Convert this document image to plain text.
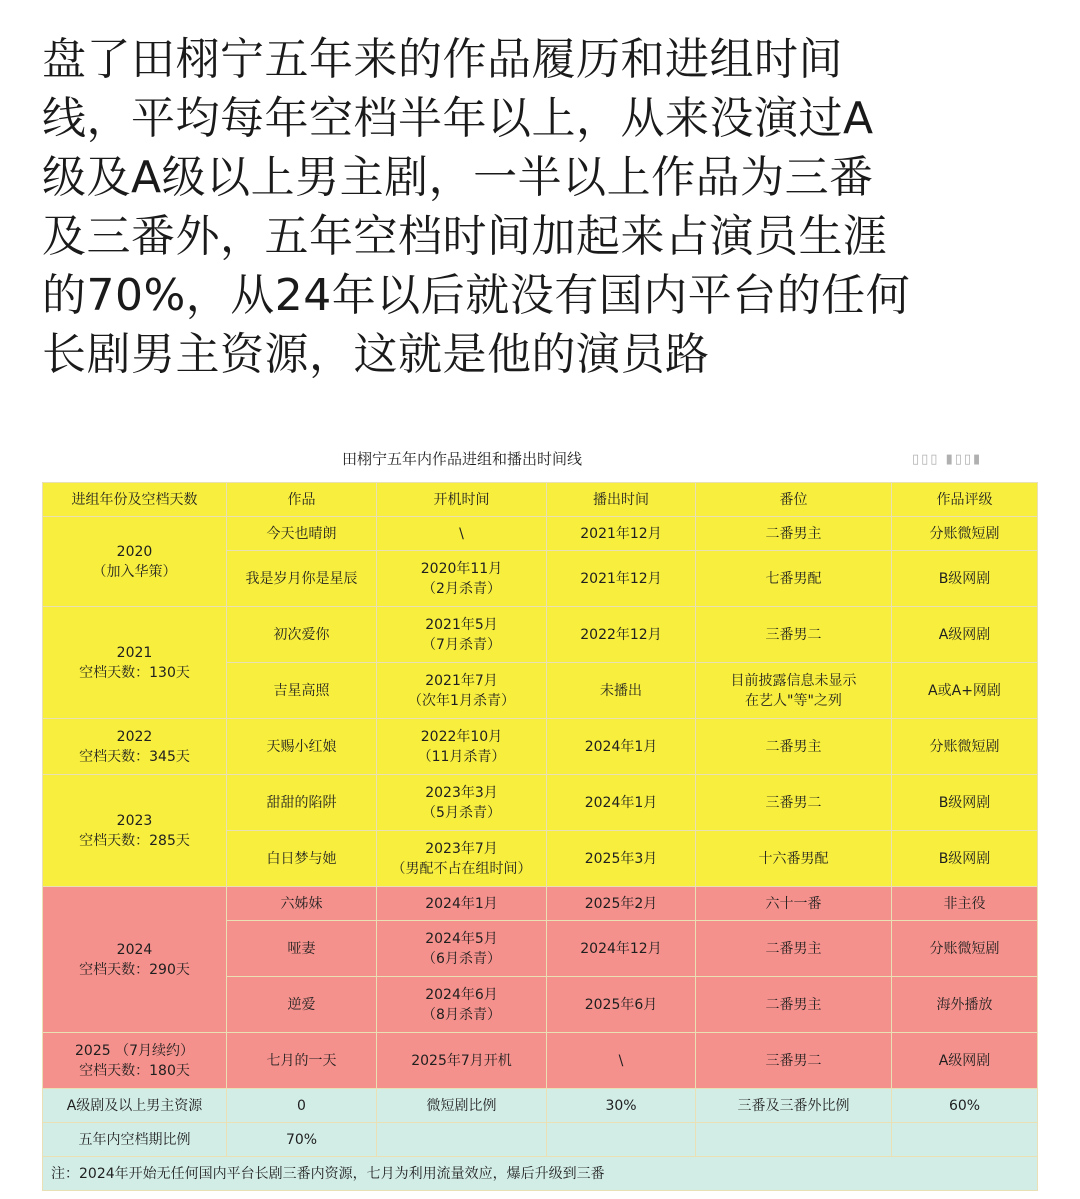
盘了田栩宁五年来的作品履历和进组时间
线，平均每年空档半年以上，从来没演过A
级及A级以上男主剧，一半以上作品为三番
及三番外，五年空档时间加起来占演员生涯
的70%，从24年以后就没有国内平台的任何
长剧男主资源，这就是他的演员路
田栩宁五年内作品进组和播出时间线	▯▯▯ ▮▯▯▮
进组年份及空档天数	作品	开机时间	播出时间	番位	作品评级

2020
（加入华策）	今天也晴朗	\	2021年12月	二番男主	分账微短剧
	我是岁月你是星辰	2020年11月
（2月杀青）	2021年12月	七番男配	B级网剧

2021
空档天数：130天	初次爱你	2021年5月
（7月杀青）	2022年12月	三番男二	A级网剧
	吉星高照	2021年7月
（次年1月杀青）	未播出	目前披露信息未显示
在艺人"等"之列	A或A+网剧

2022
空档天数：345天	天赐小红娘	2022年10月
（11月杀青）	2024年1月	二番男主	分账微短剧

2023
空档天数：285天	甜甜的陷阱	2023年3月
（5月杀青）	2024年1月	三番男二	B级网剧
	白日梦与她	2023年7月
（男配不占在组时间）	2025年3月	十六番男配	B级网剧

2024
空档天数：290天	六姊妹	2024年1月	2025年2月	六十一番	非主役
	哑妻	2024年5月
（6月杀青）	2024年12月	二番男主	分账微短剧
	逆爱	2024年6月
（8月杀青）	2025年6月	二番男主	海外播放

2025 （7月续约）
空档天数：180天	七月的一天	2025年7月开机	\	三番男二	A级网剧
A级剧及以上男主资源	0	微短剧比例	30%	三番及三番外比例	60%
五年内空档期比例	70%				
注：2024年开始无任何国内平台长剧三番内资源，七月为利用流量效应，爆后升级到三番					
